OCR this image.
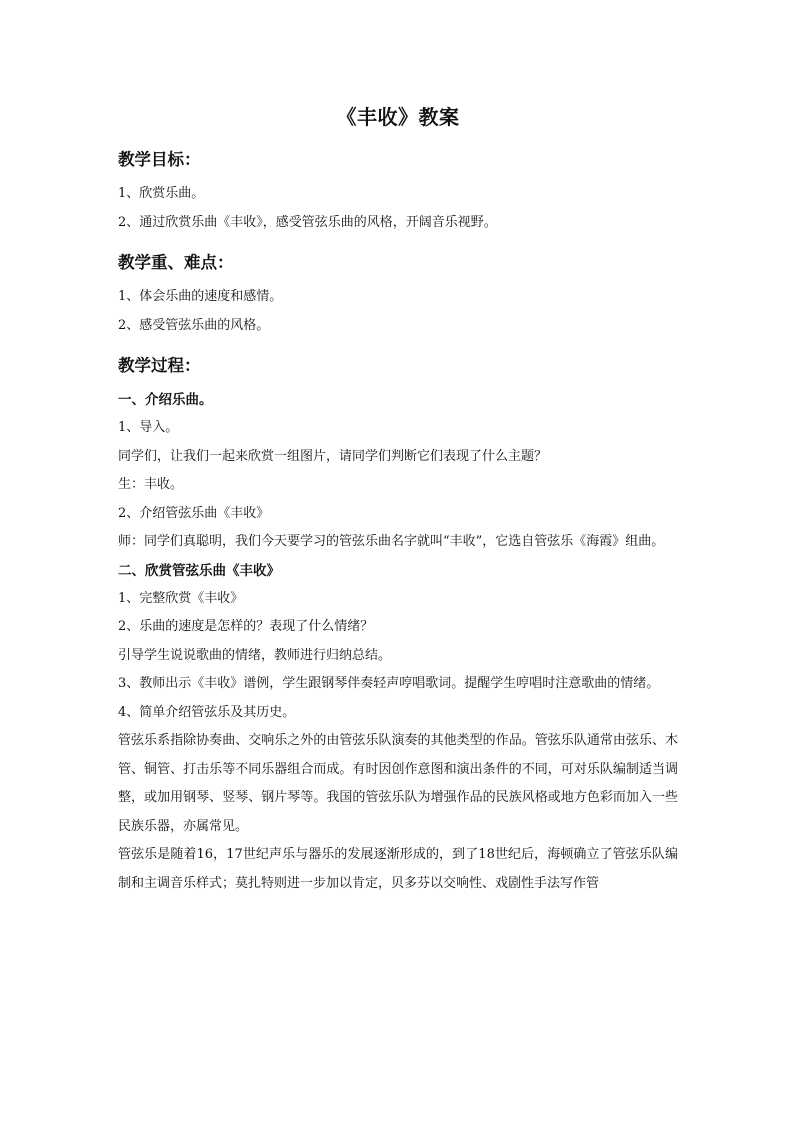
《丰收》教案
教学目标：
1、欣赏乐曲。
2、通过欣赏乐曲《丰收》，感受管弦乐曲的风格，开阔音乐视野。
教学重、难点：
1、体会乐曲的速度和感情。
2、感受管弦乐曲的风格。
教学过程：
一、介绍乐曲。
1、导入。
同学们，让我们一起来欣赏一组图片，请同学们判断它们表现了什么主题？
生：丰收。
2、介绍管弦乐曲《丰收》
师：同学们真聪明，我们今天要学习的管弦乐曲名字就叫“丰收”，它选自管弦乐《海霞》组曲。
二、欣赏管弦乐曲《丰收》
1、完整欣赏《丰收》
2、乐曲的速度是怎样的？表现了什么情绪？
引导学生说说歌曲的情绪，教师进行归纳总结。
3、教师出示《丰收》谱例，学生跟钢琴伴奏轻声哼唱歌词。提醒学生哼唱时注意歌曲的情绪。
4、简单介绍管弦乐及其历史。
管弦乐系指除协奏曲、交响乐之外的由管弦乐队演奏的其他类型的作品。管弦乐队通常由弦乐、木管、铜管、打击乐等不同乐器组合而成。有时因创作意图和演出条件的不同，可对乐队编制适当调整，或加用钢琴、竖琴、钢片琴等。我国的管弦乐队为增强作品的民族风格或地方色彩而加入一些民族乐器，亦属常见。
管弦乐是随着16，17世纪声乐与器乐的发展逐渐形成的，到了18世纪后，海顿确立了管弦乐队编制和主调音乐样式；莫扎特则进一步加以肯定，贝多芬以交响性、戏剧性手法写作管
